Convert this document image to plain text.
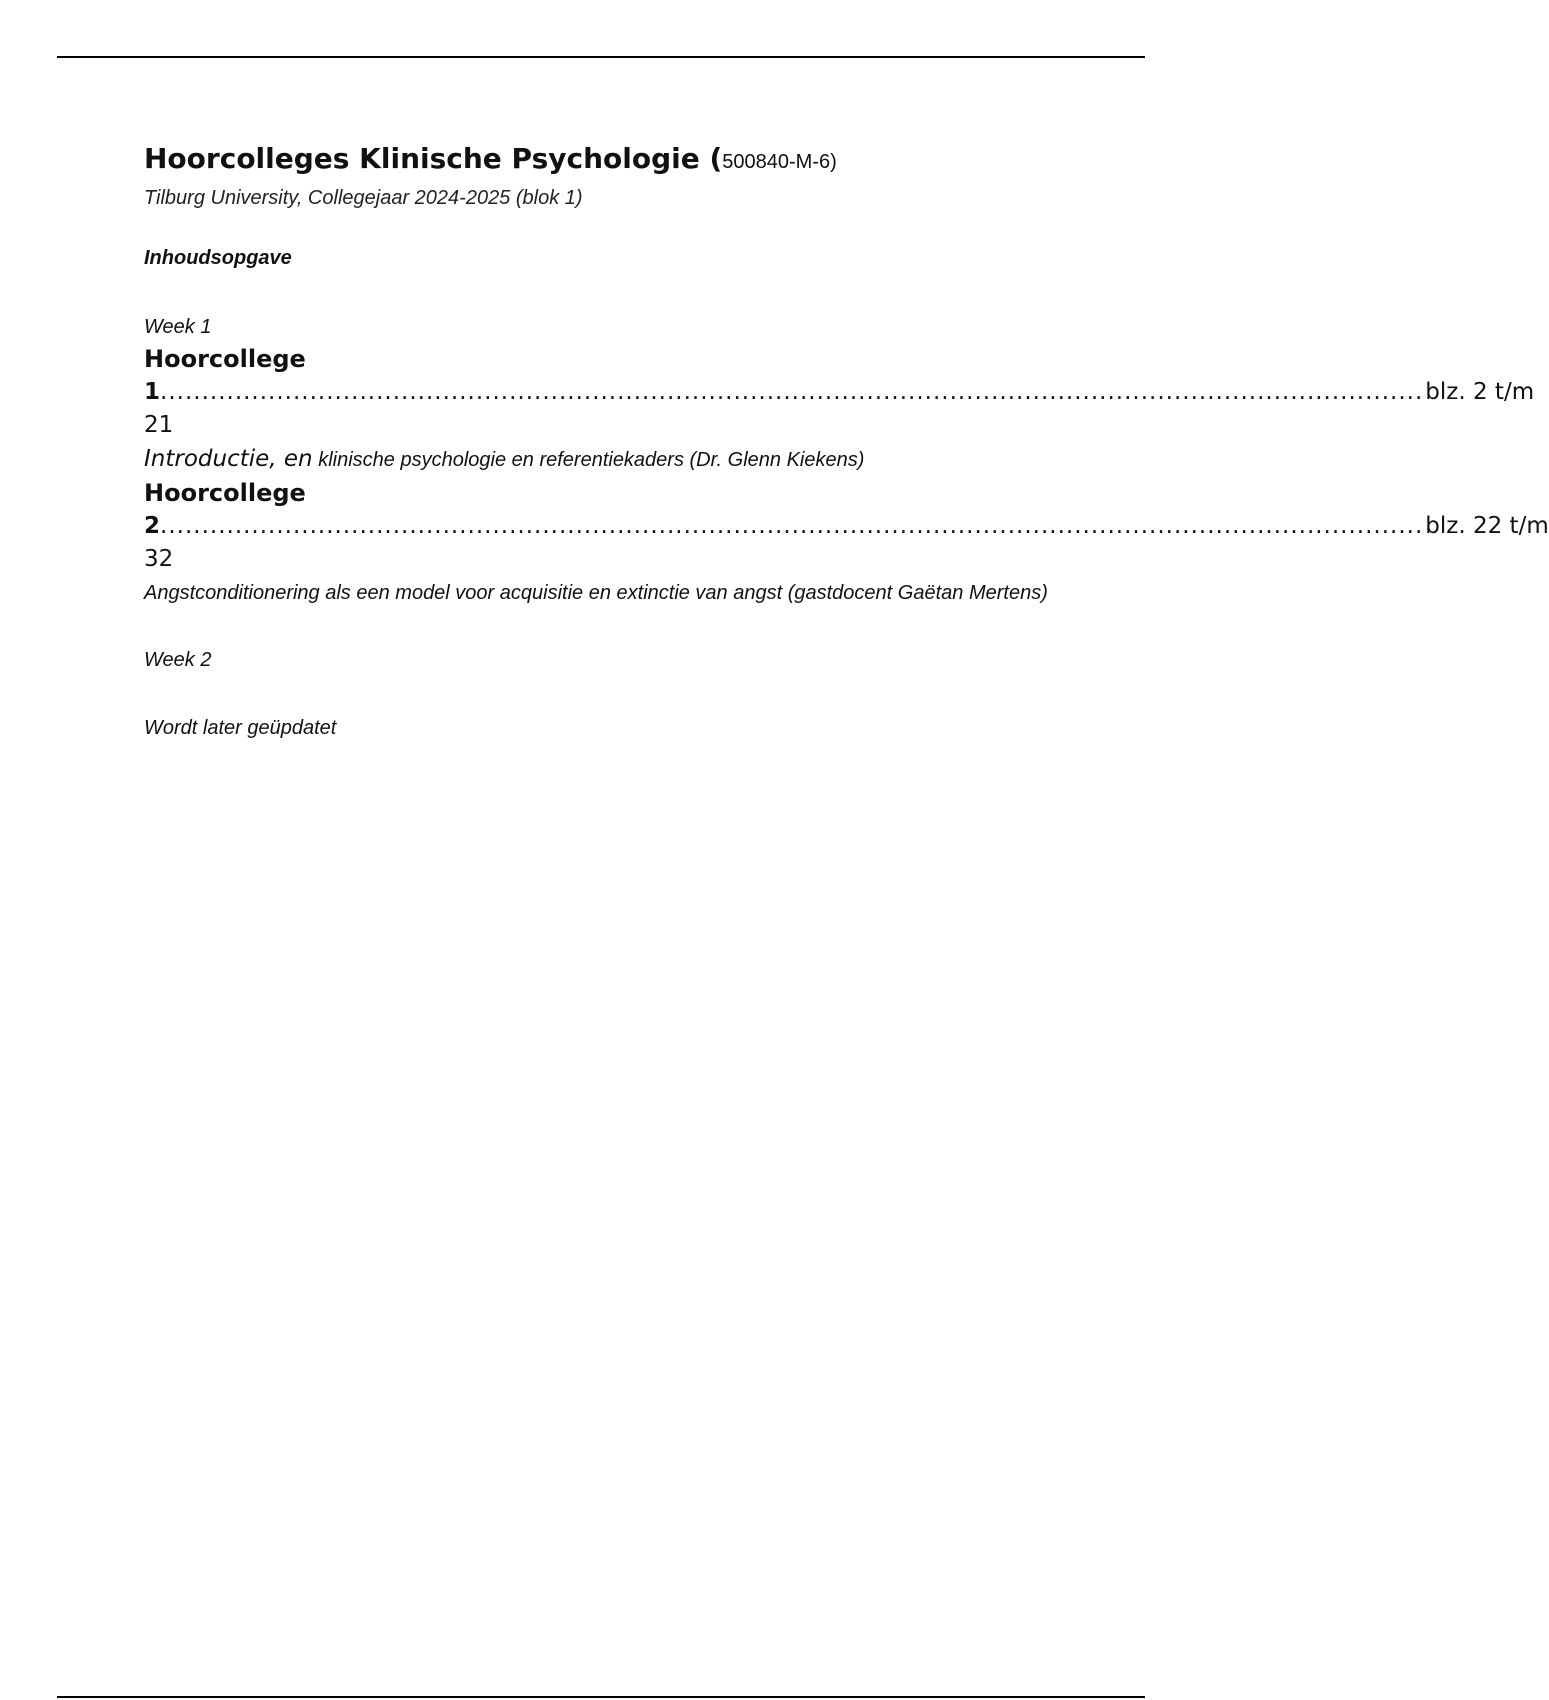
Hoorcolleges Klinische Psychologie (500840-M-6)
Tilburg University, Collegejaar 2024-2025 (blok 1)
Inhoudsopgave
Week 1
Hoorcollege
1 ........................................................................................................................................................ blz. 2 t/m
21
Introductie, en klinische psychologie en referentiekaders (Dr. Glenn Kiekens)
Hoorcollege
2 ........................................................................................................................................................ blz. 22 t/m
32
Angstconditionering als een model voor acquisitie en extinctie van angst (gastdocent Gaëtan Mertens)
Week 2
Wordt later geüpdatet
